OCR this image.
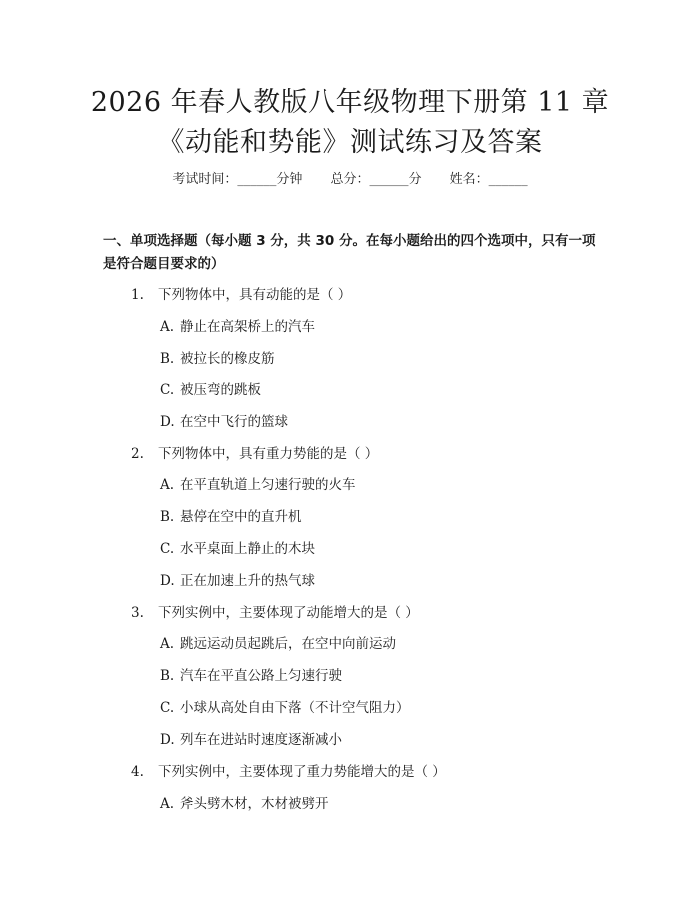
2026 年春人教版八年级物理下册第 11 章
《动能和势能》测试练习及答案
考试时间：______分钟 总分：______分 姓名：______
一、单项选择题（每小题 3 分，共 30 分。在每小题给出的四个选项中，只有一项是符合题目要求的）
1. 下列物体中，具有动能的是（ ）
A. 静止在高架桥上的汽车
B. 被拉长的橡皮筋
C. 被压弯的跳板
D. 在空中飞行的篮球
2. 下列物体中，具有重力势能的是（ ）
A. 在平直轨道上匀速行驶的火车
B. 悬停在空中的直升机
C. 水平桌面上静止的木块
D. 正在加速上升的热气球
3. 下列实例中，主要体现了动能增大的是（ ）
A. 跳远运动员起跳后，在空中向前运动
B. 汽车在平直公路上匀速行驶
C. 小球从高处自由下落（不计空气阻力）
D. 列车在进站时速度逐渐减小
4. 下列实例中，主要体现了重力势能增大的是（ ）
A. 斧头劈木材，木材被劈开
